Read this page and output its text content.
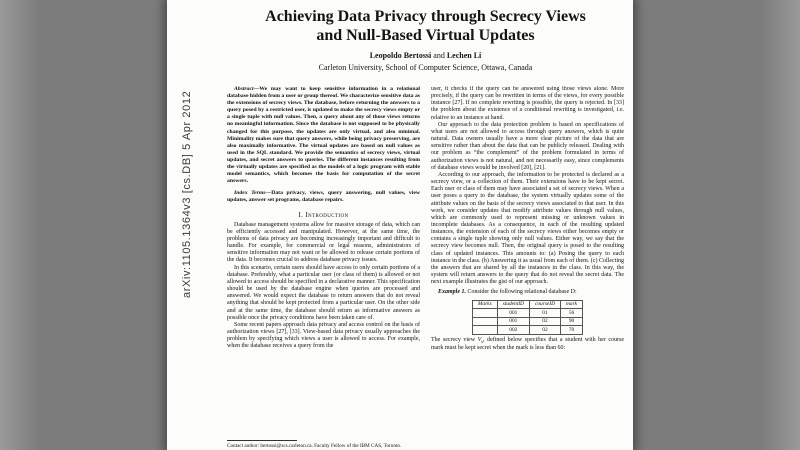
arXiv:1105.1364v3 [cs.DB] 5 Apr 2012
Achieving Data Privacy through Secrecy Views and Null-Based Virtual Updates
Leopoldo Bertossi and Lechen Li
Carleton University, School of Computer Science, Ottawa, Canada

Abstract—We may want to keep sensitive information in a relational database hidden from a user or group thereof. We characterize sensitive data as the extensions of secrecy views. The database, before returning the answers to a query posed by a restricted user, is updated to make the secrecy views empty or a single tuple with null values. Then, a query about any of those views returns no meaningful information. Since the database is not supposed to be physically changed for this purpose, the updates are only virtual, and also minimal. Minimality makes sure that query answers, while being privacy preserving, are also maximally informative. The virtual updates are based on null values as used in the SQL standard. We provide the semantics of secrecy views, virtual updates, and secret answers to queries. The different instances resulting from the virtually updates are specified as the models of a logic program with stable model semantics, which becomes the basis for computation of the secret answers.

Index Terms—Data privacy, views, query answering, null values, view updates, answer set programs, database repairs.

I. Introduction

Database management systems allow for massive storage of data, which can be efficiently accessed and manipulated. However, at the same time, the problems of data privacy are becoming increasingly important and difficult to handle. For example, for commercial or legal reasons, administrators of sensitive information may not want or be allowed to release certain portions of the data. It becomes crucial to address database privacy issues.

In this scenario, certain users should have access to only certain portions of a database. Preferably, what a particular user (or class of them) is allowed or not allowed to access should be specified in a declarative manner. This specification should be used by the database engine when queries are processed and answered. We would expect the database to return answers that do not reveal anything that should be kept protected from a particular user. On the other side and at the same time, the database should return as informative answers as possible once the privacy conditions have been taken care of.

Some recent papers approach data privacy and access control on the basis of authorization views [27], [33]. View-based data privacy usually approaches the problem by specifying which views a user is allowed to access. For example, when the database receives a query from the

Contact author: bertossi@scs.carleton.ca. Faculty Fellow of the IBM CAS, Toronto.

user, it checks if the query can be answered using those views alone. More precisely, if the query can be rewritten in terms of the views, for every possible instance [27]. If no complete rewriting is possible, the query is rejected. In [33] the problem about the existence of a conditional rewriting is investigated, i.e. relative to an instance at hand.

Our approach to the data protection problem is based on specifications of what users are not allowed to access through query answers, which is quite natural. Data owners usually have a more clear picture of the data that are sensitive rather than about the data that can be publicly released. Dealing with our problem as “the complement” of the problem formulated in terms of authorization views is not natural, and not necessarily easy, since complements of database views would be involved [20], [21].

According to our approach, the information to be protected is declared as a secrecy view, or a collection of them. Their extensions have to be kept secret. Each user or class of them may have associated a set of secrecy views. When a user poses a query to the database, the system virtually updates some of the attribute values on the basis of the secrecy views associated to that user. In this work, we consider updates that modify attribute values through null values, which are commonly used to represent missing or unknown values in incomplete databases. As a consequence, in each of the resulting updated instances, the extension of each of the secrecy views either becomes empty or contains a single tuple showing only null values. Either way, we say that the secrecy view becomes null. Then, the original query is posed to the resulting class of updated instances. This amounts to: (a) Posing the query to each instance in the class. (b) Answering it as usual from each of them. (c) Collecting the answers that are shared by all the instances in the class. In this way, the system will return answers to the query that do not reveal the secret data. The next example illustrates the gist of our approach.

Example 1. Consider the following relational database D:

Marks	studentID	courseID	mark
	001	01	56
	001	02	90
	002	02	70

The secrecy view $V_s$, defined below specifies that a student with her course mark must be kept secret when the mark is less than 60:
